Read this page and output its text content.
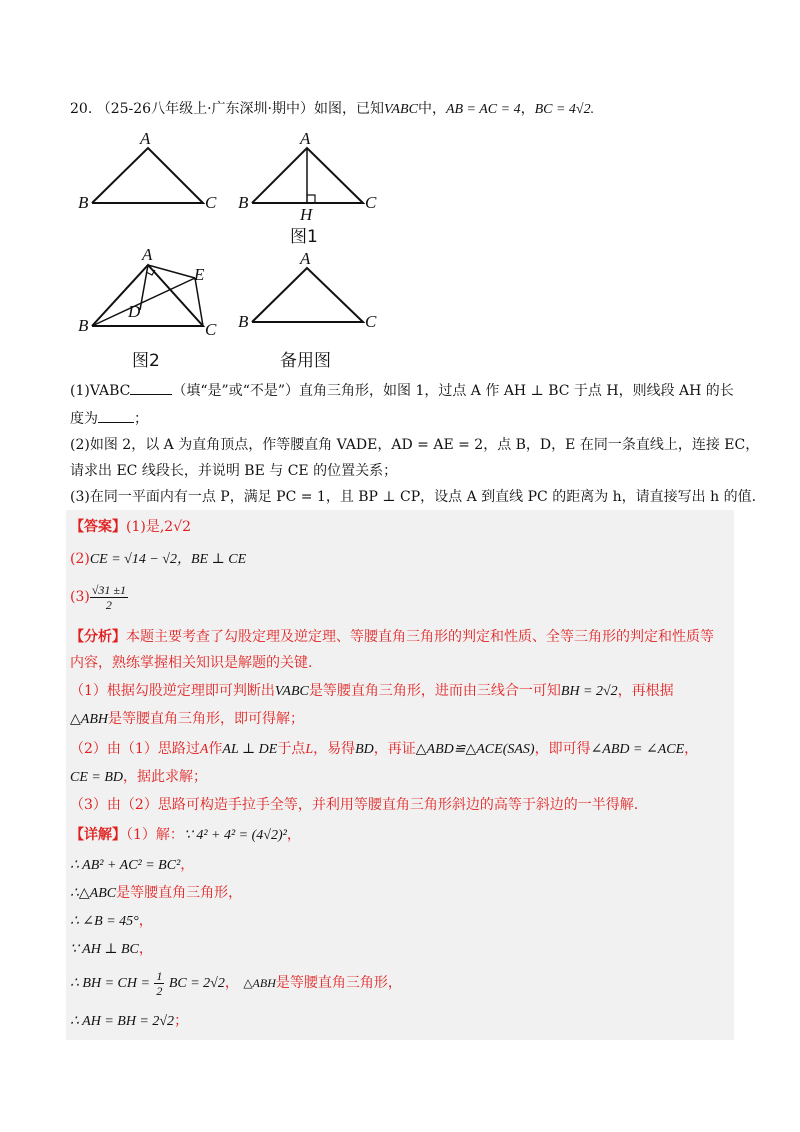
20. （25-26八年级上·广东深圳·期中）如图，已知VABC中，AB = AC = 4，BC = 4√2.
A
B	C
A
B	C
H
A
B	C
D
E
A
B	C
图1
图2	备用图
(1)VABC	（填“是”或“不是”）直角三角形，如图 1，过点 A 作 AH ⊥ BC 于点 H，则线段 AH 的长
度为	；
(2)如图 2，以 A 为直角顶点，作等腰直角 VADE，AD = AE = 2，点 B，D，E 在同一条直线上，连接 EC，
请求出 EC 线段长，并说明 BE 与 CE 的位置关系；
(3)在同一平面内有一点 P，满足 PC = 1，且 BP ⊥ CP，设点 A 到直线 PC 的距离为 h，请直接写出 h 的值.
【答案】(1)是,2√2
(2)CE = √14 − √2，BE ⊥ CE
$(3) \frac{√31 \pm 1}{2}$
【分析】本题主要考查了勾股定理及逆定理、等腰直角三角形的判定和性质、全等三角形的判定和性质等
内容，熟练掌握相关知识是解题的关键.
（1）根据勾股逆定理即可判断出VABC是等腰直角三角形，进而由三线合一可知BH = 2√2，再根据
△ABH是等腰直角三角形，即可得解；
（2）由（1）思路过A作AL ⊥ DE于点L，易得BD，再证△ABD≌△ACE(SAS)，即可得∠ABD = ∠ACE，
CE = BD，据此求解；
（3）由（2）思路可构造手拉手全等，并利用等腰直角三角形斜边的高等于斜边的一半得解.
【详解】（1）解：∵ 4² + 4² = (4√2)²，
∴ AB² + AC² = BC²，
∴△ABC是等腰直角三角形，
∴ ∠B = 45°，
∵ AH ⊥ BC，
∴ BH = CH = $\frac{1}{2}$ BC = 2√2， △ABH是等腰直角三角形，
∴ AH = BH = 2√2；
